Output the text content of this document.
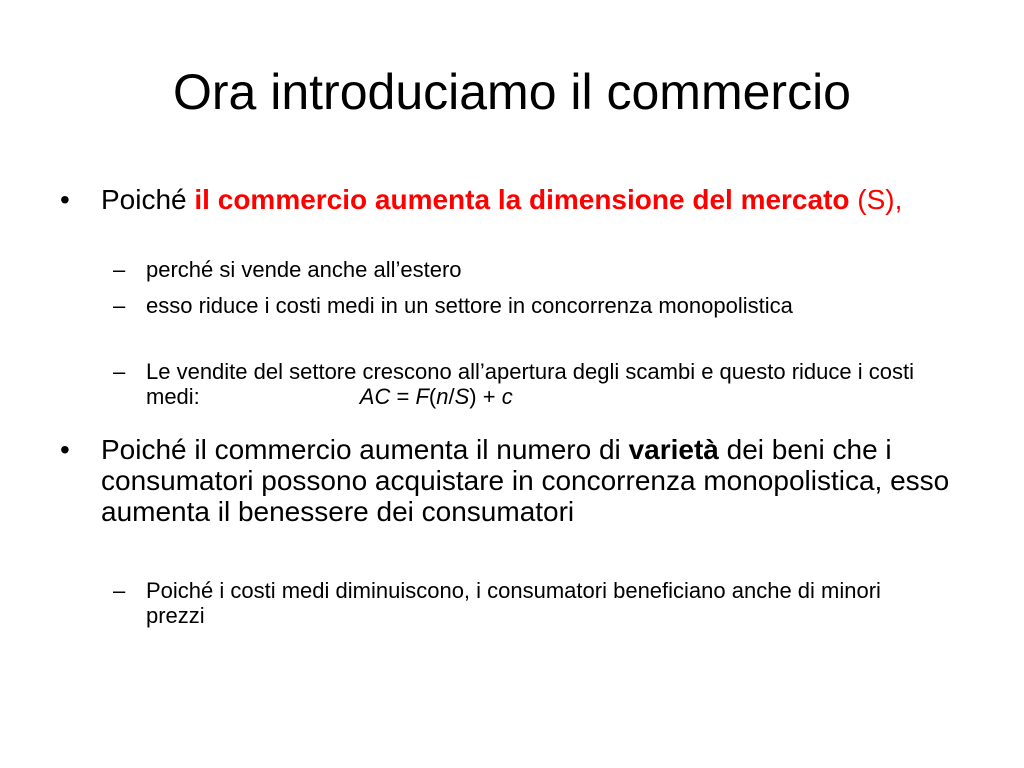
Ora introduciamo il commercio
• Poiché il commercio aumenta la dimensione del mercato (S),
– perché si vende anche all’estero
– esso riduce i costi medi in un settore in concorrenza monopolistica
– Le vendite del settore crescono all’apertura degli scambi e questo riduce i costi medi:	AC = F(n/S) + c
• Poiché il commercio aumenta il numero di varietà dei beni che i consumatori possono acquistare in concorrenza monopolistica, esso aumenta il benessere dei consumatori
– Poiché i costi medi diminuiscono, i consumatori beneficiano anche di minori prezzi
